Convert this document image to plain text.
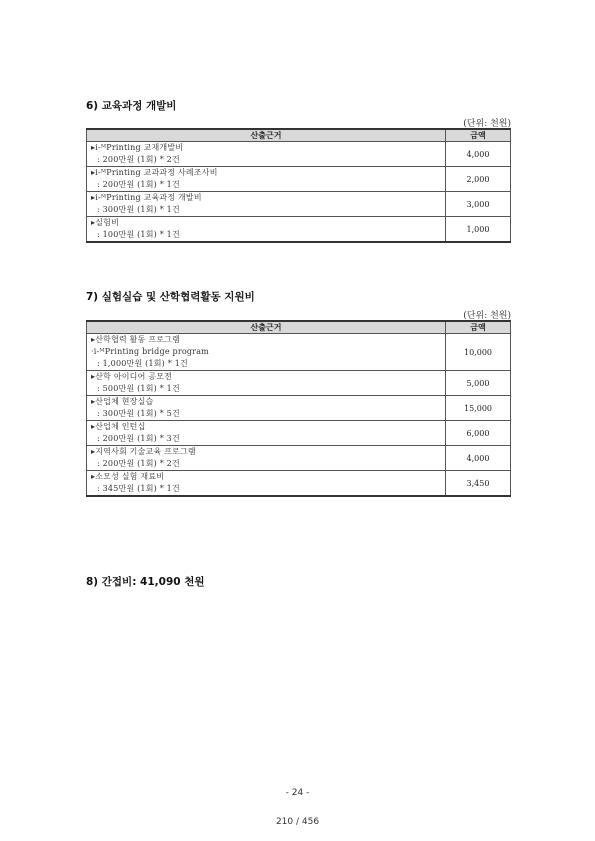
6) 교육과정 개발비
(단위: 천원)
산출근거	금액

▸ i-ᴹPrinting 교재개발비
: 200만원 (1회) * 2건	4,000

▸ i-ᴹPrinting 교과과정 사례조사비
: 200만원 (1회) * 1건	2,000

▸ i-ᴹPrinting 교육과정 개발비
: 300만원 (1회) * 1건	3,000

▸ 실험비
: 100만원 (1회) * 1건	1,000
7) 실험실습 및 산학협력활동 지원비
(단위: 천원)
산출근거	금액

▸ 산학협력 활동 프로그램
· i-ᴹPrinting bridge program
: 1,000만원 (1회) * 1건	10,000

▸ 산학 아이디어 공모전
: 500만원 (1회) * 1건	5,000

▸ 산업체 현장실습
: 300만원 (1회) * 5건	15,000

▸ 산업체 인턴십
: 200만원 (1회) * 3건	6,000

▸ 지역사회 기술교육 프로그램
: 200만원 (1회) * 2건	4,000

▸ 소모성 실험 재료비
: 345만원 (1회) * 1건	3,450
8) 간접비: 41,090 천원
- 24 -
210 / 456
